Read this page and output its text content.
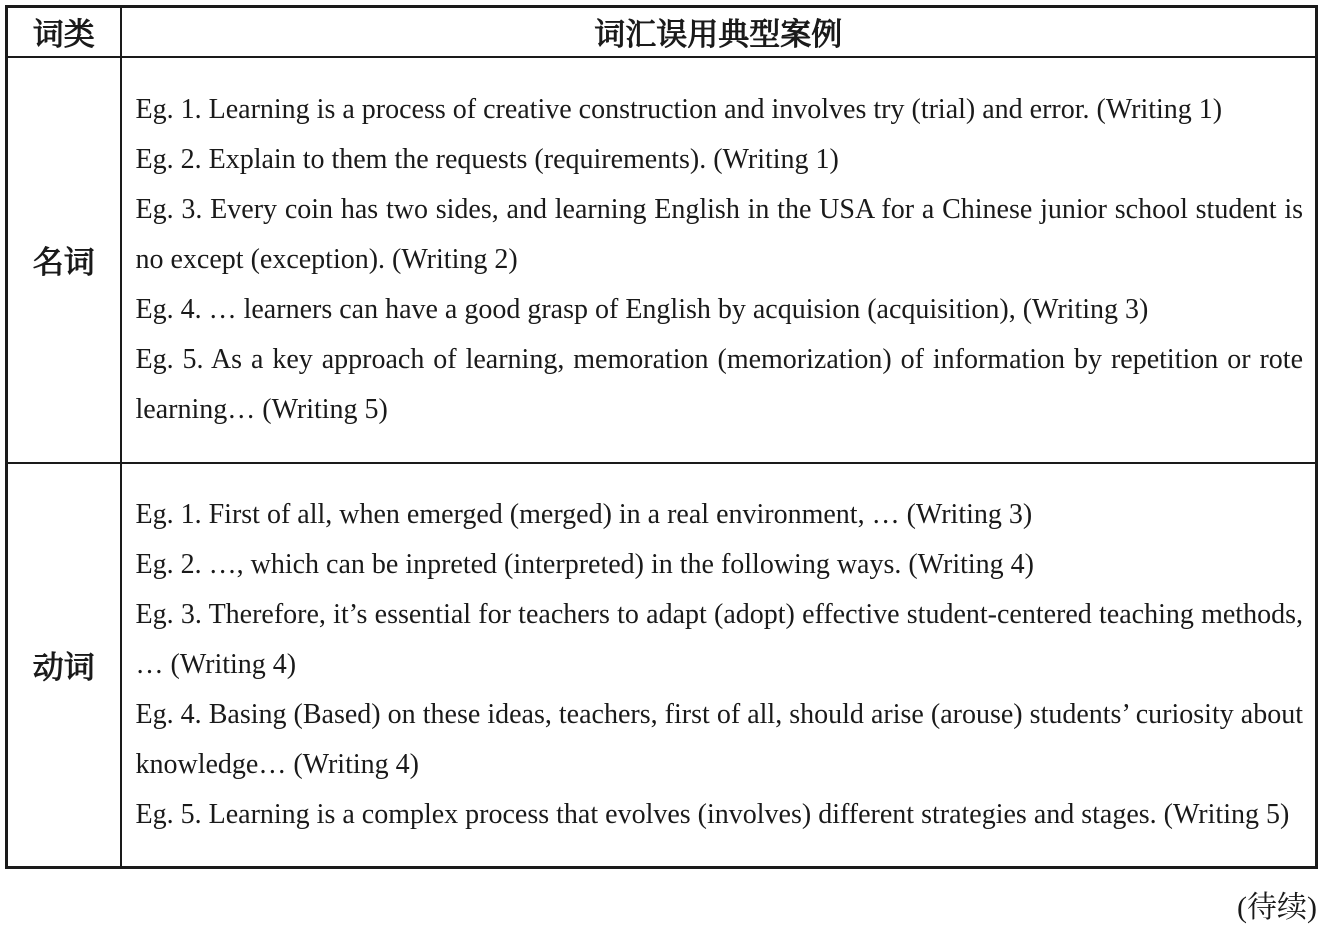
词类	词汇误用典型案例
名词	Eg. 1. Learning is a process of creative construction and involves try (trial) and error. (Writing 1)

Eg. 2. Explain to them the requests (requirements). (Writing 1)

Eg. 3. Every coin has two sides, and learning English in the USA for a Chinese junior school student is no except (exception). (Writing 2)

Eg. 4. … learners can have a good grasp of English by acquision (acquisition), (Writing 3)

Eg. 5. As a key approach of learning, memoration (memorization) of information by repetition or rote learning… (Writing 5)

动词	Eg. 1. First of all, when emerged (merged) in a real environment, … (Writing 3)

Eg. 2. …, which can be inpreted (interpreted) in the following ways. (Writing 4)

Eg. 3. Therefore, it’s essential for teachers to adapt (adopt) effective student-centered teaching methods, … (Writing 4)

Eg. 4. Basing (Based) on these ideas, teachers, first of all, should arise (arouse) students’ curiosity about knowledge… (Writing 4)

Eg. 5. Learning is a complex process that evolves (involves) different strategies and stages. (Writing 5)

(待续)
